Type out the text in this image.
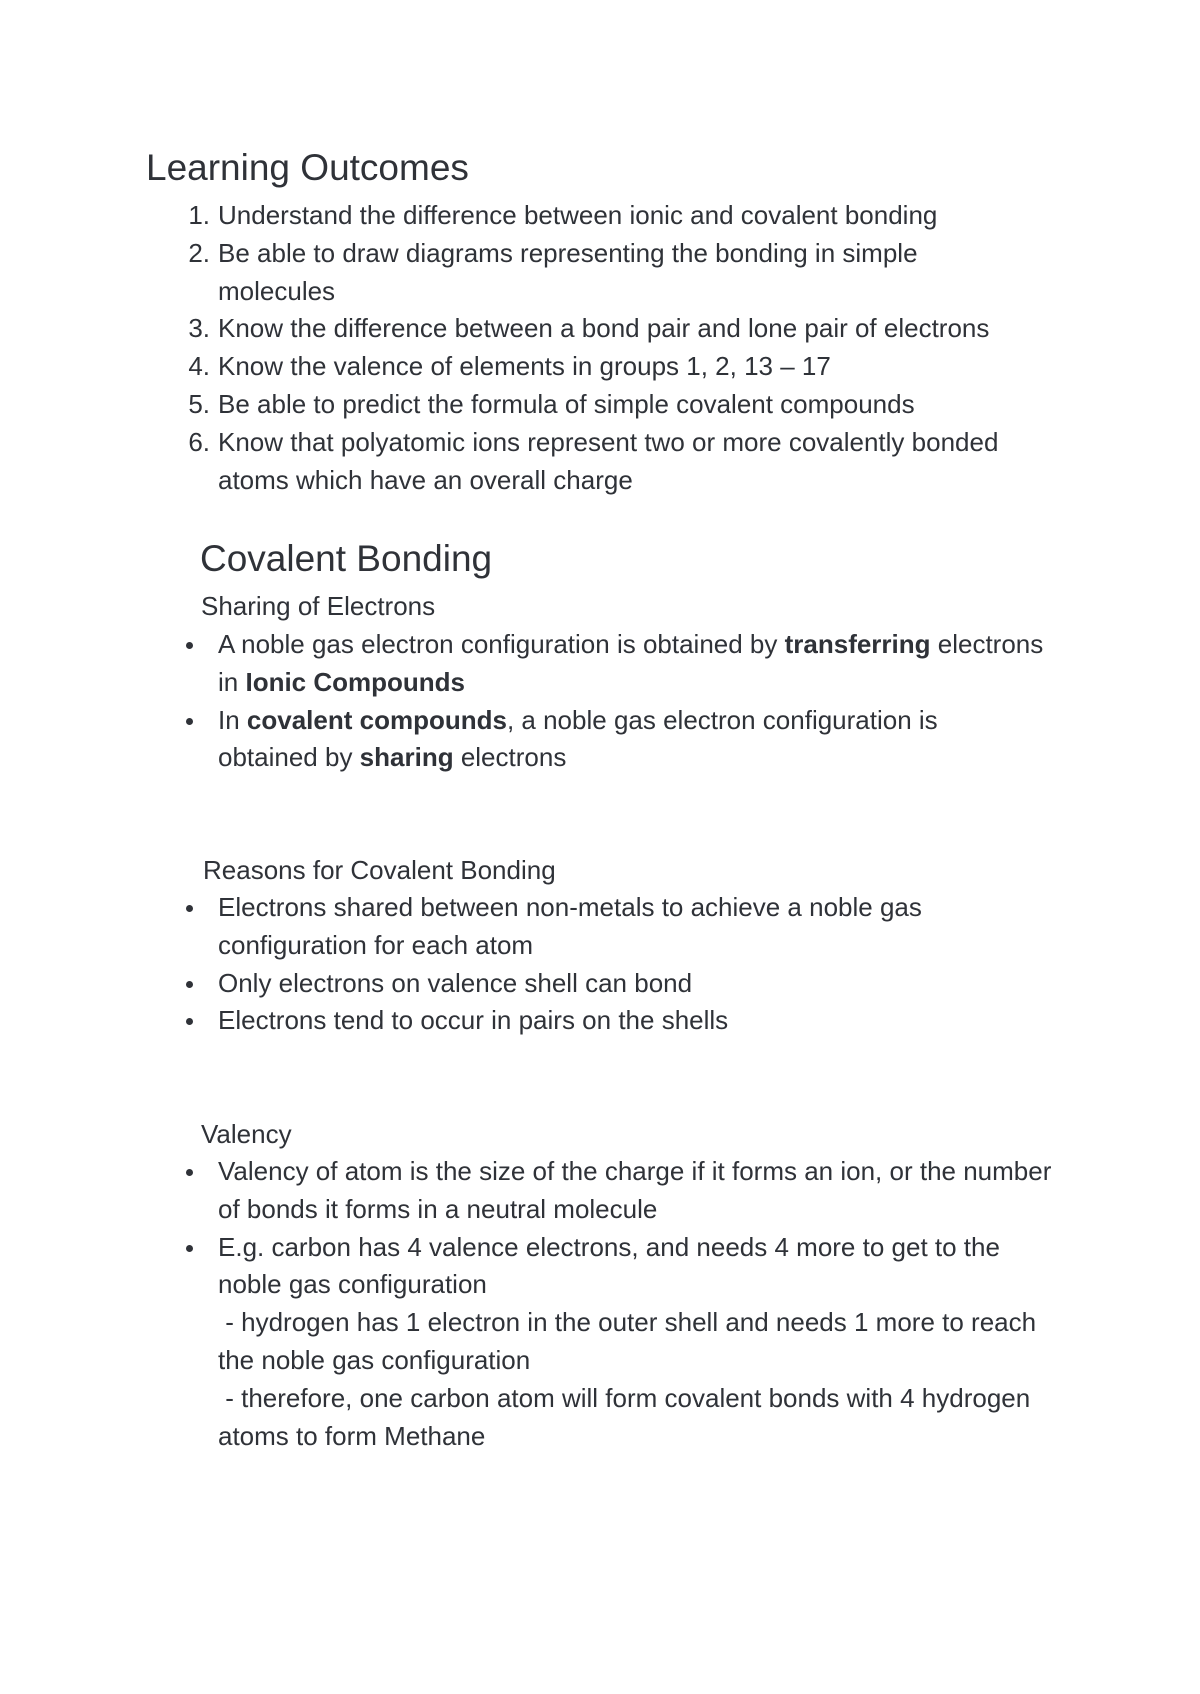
Learning Outcomes
1. Understand the difference between ionic and covalent bonding
2. Be able to draw diagrams representing the bonding in simple molecules
3. Know the difference between a bond pair and lone pair of electrons
4. Know the valence of elements in groups 1, 2, 13 – 17
5. Be able to predict the formula of simple covalent compounds
6. Know that polyatomic ions represent two or more covalently bonded atoms which have an overall charge
Covalent Bonding
Sharing of Electrons
A noble gas electron configuration is obtained by transferring electrons in Ionic Compounds
In covalent compounds, a noble gas electron configuration is obtained by sharing electrons
Reasons for Covalent Bonding
Electrons shared between non-metals to achieve a noble gas configuration for each atom
Only electrons on valence shell can bond
Electrons tend to occur in pairs on the shells
Valency
Valency of atom is the size of the charge if it forms an ion, or the number of bonds it forms in a neutral molecule
E.g. carbon has 4 valence electrons, and needs 4 more to get to the noble gas configuration
- hydrogen has 1 electron in the outer shell and needs 1 more to reach the noble gas configuration
- therefore, one carbon atom will form covalent bonds with 4 hydrogen atoms to form Methane
